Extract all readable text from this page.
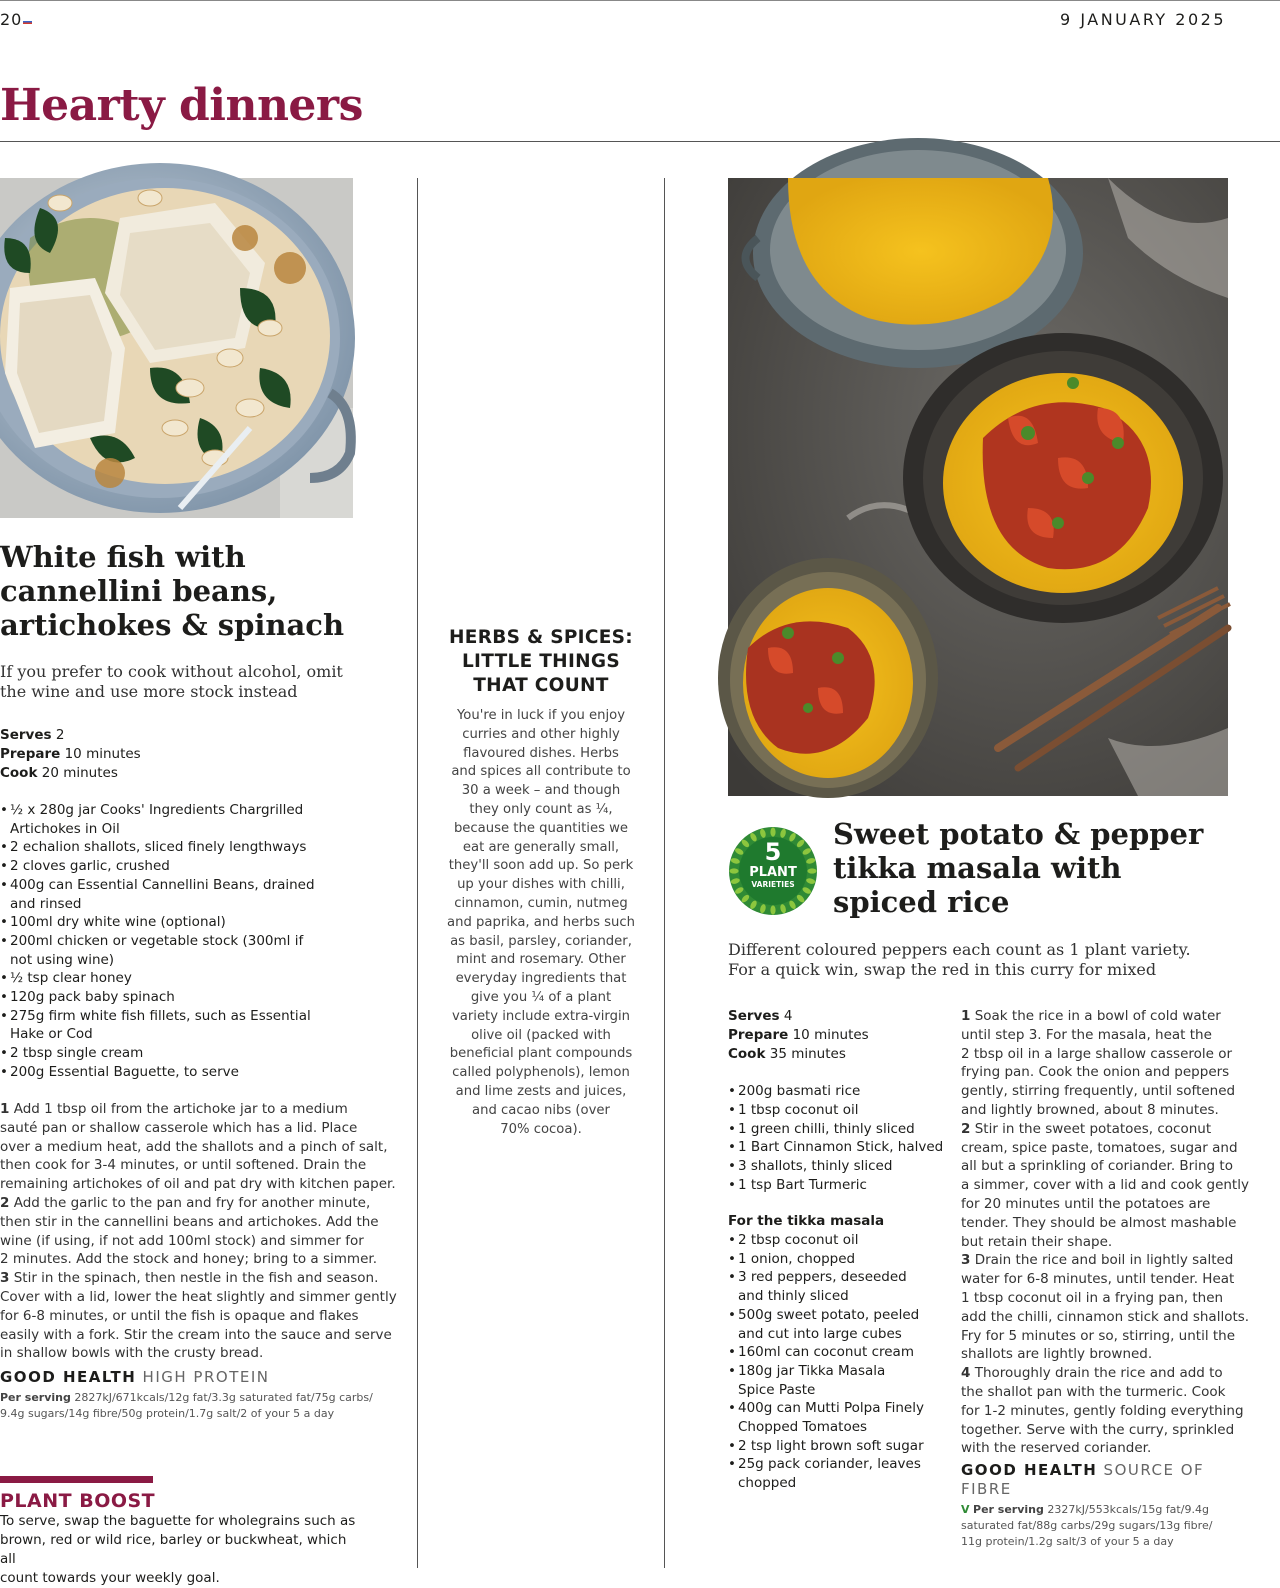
20	9 JANUARY 2025
Hearty dinners
White fish with
cannellini beans,
artichokes & spinach
If you prefer to cook without alcohol, omit
the wine and use more stock instead
Serves 2
Prepare 10 minutes
Cook 20 minutes
• ½ x 280g jar Cooks' Ingredients Chargrilled
Artichokes in Oil
• 2 echalion shallots, sliced finely lengthways
• 2 cloves garlic, crushed
• 400g can Essential Cannellini Beans, drained
and rinsed
• 100ml dry white wine (optional)
• 200ml chicken or vegetable stock (300ml if
not using wine)
• ½ tsp clear honey
• 120g pack baby spinach
• 275g firm white fish fillets, such as Essential
Hake or Cod
• 2 tbsp single cream
• 200g Essential Baguette, to serve
1 Add 1 tbsp oil from the artichoke jar to a medium
sauté pan or shallow casserole which has a lid. Place
over a medium heat, add the shallots and a pinch of salt,
then cook for 3-4 minutes, or until softened. Drain the
remaining artichokes of oil and pat dry with kitchen paper.
2 Add the garlic to the pan and fry for another minute,
then stir in the cannellini beans and artichokes. Add the
wine (if using, if not add 100ml stock) and simmer for
2 minutes. Add the stock and honey; bring to a simmer.
3 Stir in the spinach, then nestle in the fish and season.
Cover with a lid, lower the heat slightly and simmer gently
for 6-8 minutes, or until the fish is opaque and flakes
easily with a fork. Stir the cream into the sauce and serve
in shallow bowls with the crusty bread.
GOOD HEALTH HIGH PROTEIN
Per serving 2827kJ/671kcals/12g fat/3.3g saturated fat/75g carbs/
9.4g sugars/14g fibre/50g protein/1.7g salt/2 of your 5 a day
PLANT BOOST
To serve, swap the baguette for wholegrains such as
brown, red or wild rice, barley or buckwheat, which all
count towards your weekly goal.
HERBS & SPICES:
LITTLE THINGS
THAT COUNT
You're in luck if you enjoy
curries and other highly
flavoured dishes. Herbs
and spices all contribute to
30 a week – and though
they only count as ¼,
because the quantities we
eat are generally small,
they'll soon add up. So perk
up your dishes with chilli,
cinnamon, cumin, nutmeg
and paprika, and herbs such
as basil, parsley, coriander,
mint and rosemary. Other
everyday ingredients that
give you ¼ of a plant
variety include extra-virgin
olive oil (packed with
beneficial plant compounds
called polyphenols), lemon
and lime zests and juices,
and cacao nibs (over
70% cocoa).
5
PLANT
VARIETIES
Sweet potato & pepper
tikka masala with
spiced rice
Different coloured peppers each count as 1 plant variety.
For a quick win, swap the red in this curry for mixed
Serves 4
Prepare 10 minutes
Cook 35 minutes
• 200g basmati rice
• 1 tbsp coconut oil
• 1 green chilli, thinly sliced
• 1 Bart Cinnamon Stick, halved
• 3 shallots, thinly sliced
• 1 tsp Bart Turmeric
For the tikka masala
• 2 tbsp coconut oil
• 1 onion, chopped
• 3 red peppers, deseeded
and thinly sliced
• 500g sweet potato, peeled
and cut into large cubes
• 160ml can coconut cream
• 180g jar Tikka Masala
Spice Paste
• 400g can Mutti Polpa Finely
Chopped Tomatoes
• 2 tsp light brown soft sugar
• 25g pack coriander, leaves
chopped
1 Soak the rice in a bowl of cold water
until step 3. For the masala, heat the
2 tbsp oil in a large shallow casserole or
frying pan. Cook the onion and peppers
gently, stirring frequently, until softened
and lightly browned, about 8 minutes.
2 Stir in the sweet potatoes, coconut
cream, spice paste, tomatoes, sugar and
all but a sprinkling of coriander. Bring to
a simmer, cover with a lid and cook gently
for 20 minutes until the potatoes are
tender. They should be almost mashable
but retain their shape.
3 Drain the rice and boil in lightly salted
water for 6-8 minutes, until tender. Heat
1 tbsp coconut oil in a frying pan, then
add the chilli, cinnamon stick and shallots.
Fry for 5 minutes or so, stirring, until the
shallots are lightly browned.
4 Thoroughly drain the rice and add to
the shallot pan with the turmeric. Cook
for 1-2 minutes, gently folding everything
together. Serve with the curry, sprinkled
with the reserved coriander.
GOOD HEALTH SOURCE OF
FIBRE
V Per serving 2327kJ/553kcals/15g fat/9.4g
saturated fat/88g carbs/29g sugars/13g fibre/
11g protein/1.2g salt/3 of your 5 a day
